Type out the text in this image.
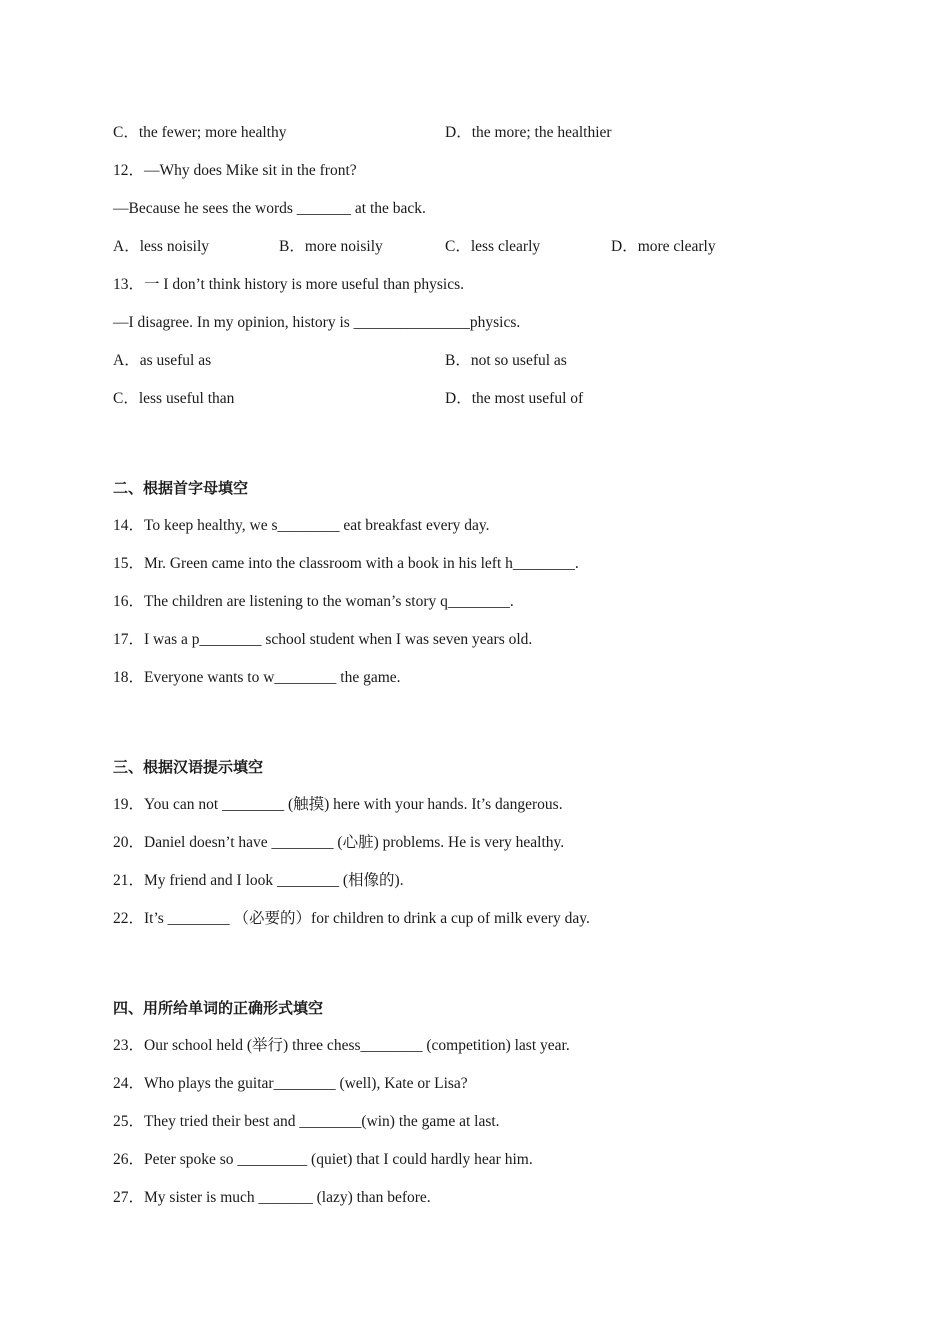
C．the fewer; more healthy	D．the more; the healthier
12．—Why does Mike sit in the front?
—Because he sees the words _______ at the back.
A．less noisily	B．more noisily	C．less clearly	D．more clearly
13．一 I don’t think history is more useful than physics.
—I disagree. In my opinion, history is _______________physics.
A．as useful as	B．not so useful as
C．less useful than	D．the most useful of
二、根据首字母填空
14．To keep healthy, we s________ eat breakfast every day.
15．Mr. Green came into the classroom with a book in his left h________.
16．The children are listening to the woman’s story q________.
17．I was a p________ school student when I was seven years old.
18．Everyone wants to w________ the game.
三、根据汉语提示填空
19．You can not ________ (触摸) here with your hands. It’s dangerous.
20．Daniel doesn’t have ________ (心脏) problems. He is very healthy.
21．My friend and I look ________ (相像的).
22．It’s ________ （必要的）for children to drink a cup of milk every day.
四、用所给单词的正确形式填空
23．Our school held (举行) three chess________ (competition) last year.
24．Who plays the guitar________ (well), Kate or Lisa?
25．They tried their best and ________(win) the game at last.
26．Peter spoke so _________ (quiet) that I could hardly hear him.
27．My sister is much _______ (lazy) than before.
